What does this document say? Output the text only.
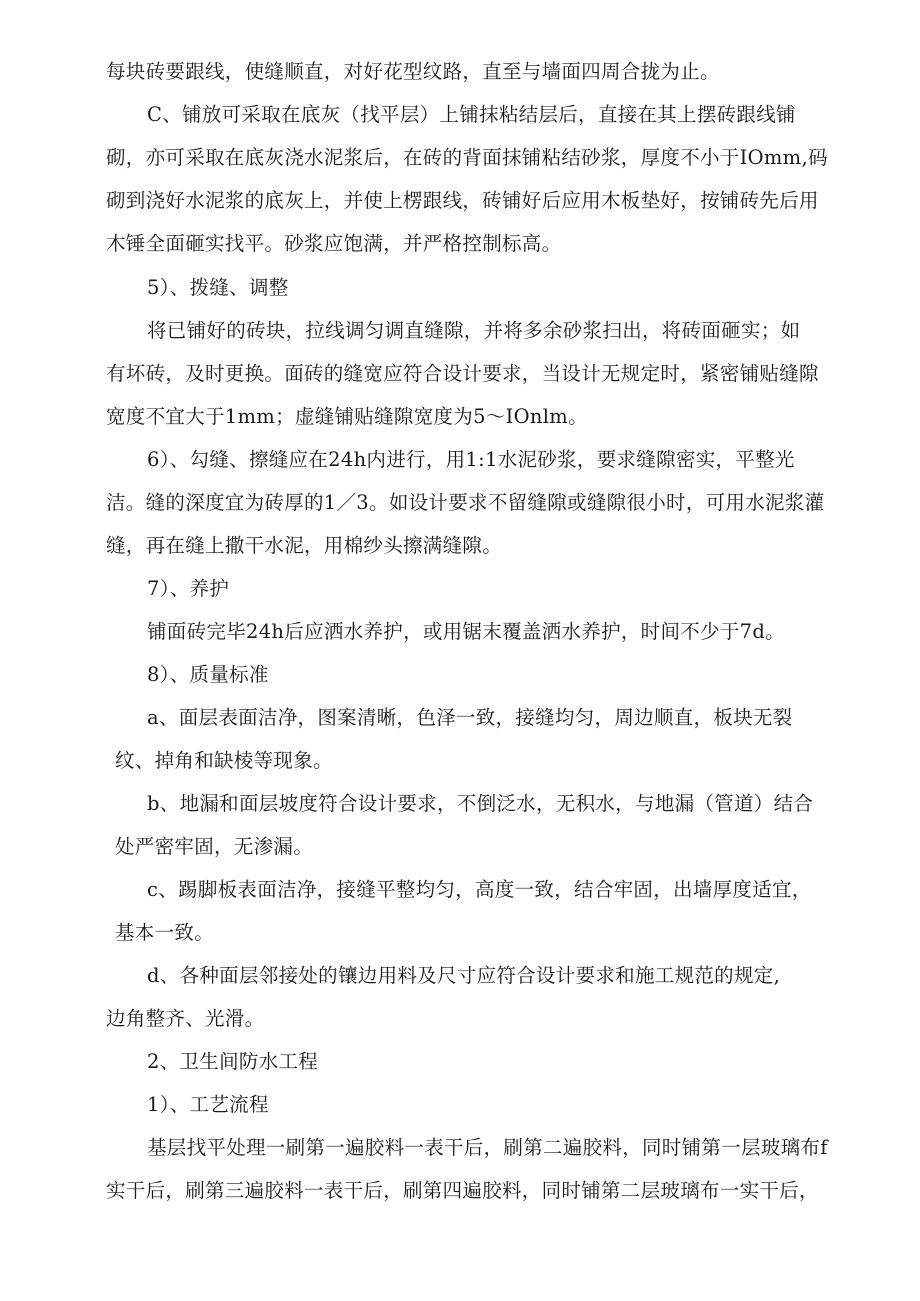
每块砖要跟线，使缝顺直，对好花型纹路，直至与墙面四周合拢为止。
C、铺放可采取在底灰（找平层）上铺抹粘结层后，直接在其上摆砖跟线铺
砌，亦可采取在底灰浇水泥浆后，在砖的背面抹铺粘结砂浆，厚度不小于IOmm,码
砌到浇好水泥浆的底灰上，并使上楞跟线，砖铺好后应用木板垫好，按铺砖先后用
木锤全面砸实找平。砂浆应饱满，并严格控制标高。
5）、拨缝、调整
将已铺好的砖块，拉线调匀调直缝隙，并将多余砂浆扫出，将砖面砸实；如
有坏砖，及时更换。面砖的缝宽应符合设计要求，当设计无规定时，紧密铺贴缝隙
宽度不宜大于1mm；虚缝铺贴缝隙宽度为5～IOnlm。
6）、勾缝、擦缝应在24h内进行，用1:1水泥砂浆，要求缝隙密实，平整光
洁。缝的深度宜为砖厚的1／3。如设计要求不留缝隙或缝隙很小时，可用水泥浆灌
缝，再在缝上撒干水泥，用棉纱头擦满缝隙。
7）、养护
铺面砖完毕24h后应洒水养护，或用锯末覆盖洒水养护，时间不少于7d。
8）、质量标准
a、面层表面洁净，图案清晰，色泽一致，接缝均匀，周边顺直，板块无裂
纹、掉角和缺棱等现象。
b、地漏和面层坡度符合设计要求，不倒泛水，无积水，与地漏（管道）结合
处严密牢固，无渗漏。
c、踢脚板表面洁净，接缝平整均匀，高度一致，结合牢固，出墙厚度适宜，
基本一致。
d、各种面层邻接处的镶边用料及尺寸应符合设计要求和施工规范的规定,
边角整齐、光滑。
2、卫生间防水工程
1）、工艺流程
基层找平处理一刷第一遍胶料一表干后，刷第二遍胶料，同时铺第一层玻璃布f
实干后，刷第三遍胶料一表干后，刷第四遍胶料，同时铺第二层玻璃布一实干后，
